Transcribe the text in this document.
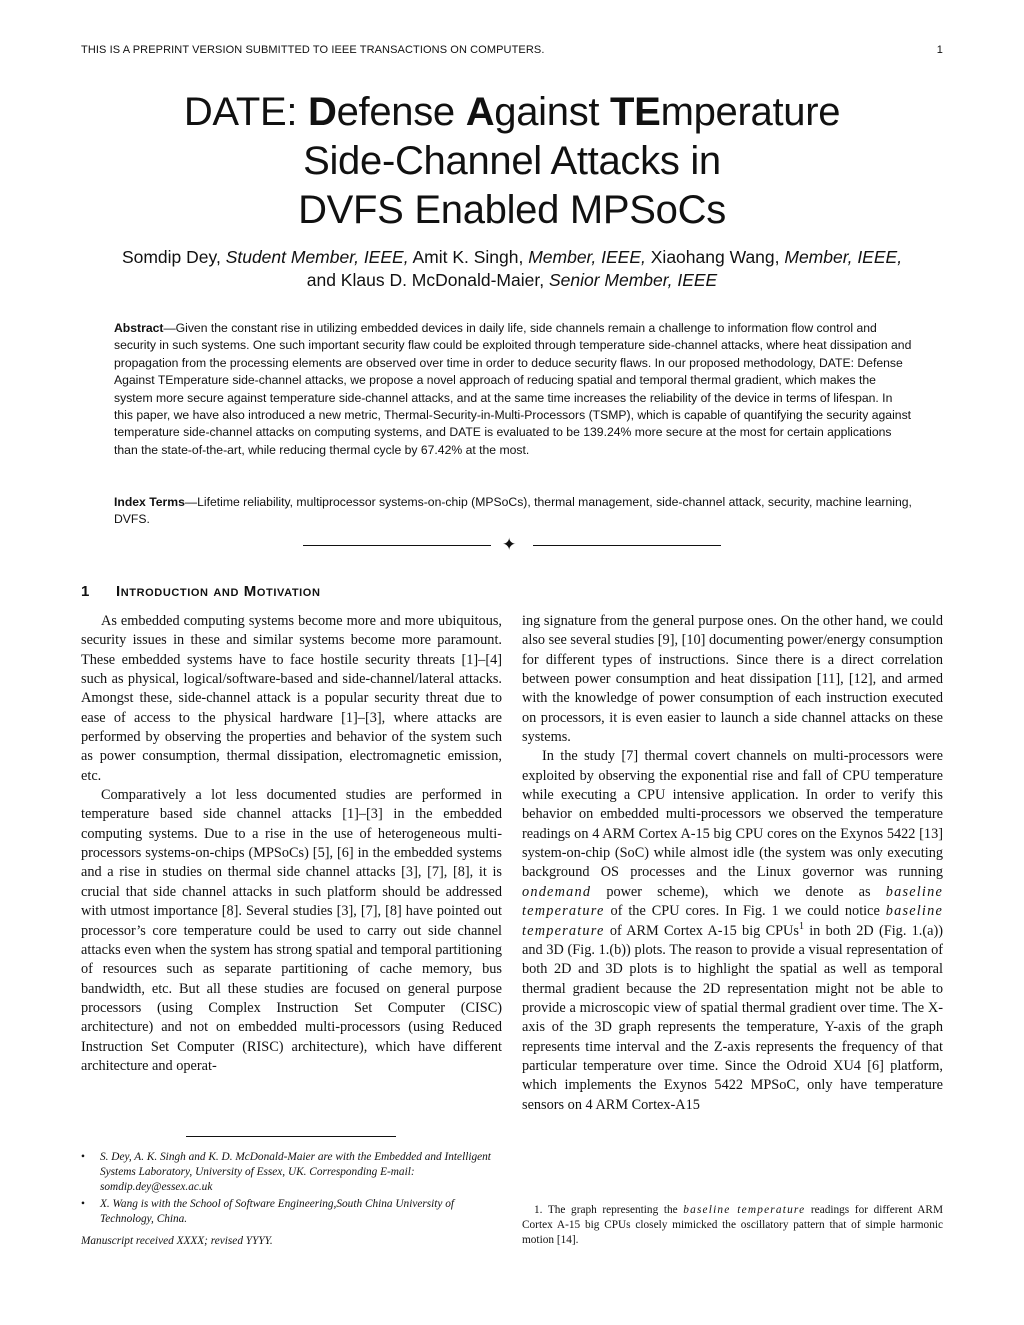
THIS IS A PREPRINT VERSION SUBMITTED TO IEEE TRANSACTIONS ON COMPUTERS.	1
DATE: Defense Against TEmperature
Side-Channel Attacks in
DVFS Enabled MPSoCs
Somdip Dey, Student Member, IEEE, Amit K. Singh, Member, IEEE, Xiaohang Wang, Member, IEEE,
and Klaus D. McDonald-Maier, Senior Member, IEEE
Abstract—Given the constant rise in utilizing embedded devices in daily life, side channels remain a challenge to information flow control and security in such systems. One such important security flaw could be exploited through temperature side-channel attacks, where heat dissipation and propagation from the processing elements are observed over time in order to deduce security flaws. In our proposed methodology, DATE: Defense Against TEmperature side-channel attacks, we propose a novel approach of reducing spatial and temporal thermal gradient, which makes the system more secure against temperature side-channel attacks, and at the same time increases the reliability of the device in terms of lifespan. In this paper, we have also introduced a new metric, Thermal-Security-in-Multi-Processors (TSMP), which is capable of quantifying the security against temperature side-channel attacks on computing systems, and DATE is evaluated to be 139.24% more secure at the most for certain applications than the state-of-the-art, while reducing thermal cycle by 67.42% at the most.
Index Terms—Lifetime reliability, multiprocessor systems-on-chip (MPSoCs), thermal management, side-channel attack, security, machine learning, DVFS.
✦
1 Introduction and Motivation

As embedded computing systems become more and more ubiquitous, security issues in these and similar systems become more paramount. These embedded systems have to face hostile security threats [1]–[4] such as physical, logical/software-based and side-channel/lateral attacks. Amongst these, side-channel attack is a popular security threat due to ease of access to the physical hardware [1]–[3], where attacks are performed by observing the properties and behavior of the system such as power consumption, thermal dissipation, electromagnetic emission, etc.

Comparatively a lot less documented studies are performed in temperature based side channel attacks [1]–[3] in the embedded computing systems. Due to a rise in the use of heterogeneous multi-processors systems-on-chips (MPSoCs) [5], [6] in the embedded systems and a rise in studies on thermal side channel attacks [3], [7], [8], it is crucial that side channel attacks in such platform should be addressed with utmost importance [8]. Several studies [3], [7], [8] have pointed out processor’s core temperature could be used to carry out side channel attacks even when the system has strong spatial and temporal partitioning of resources such as separate partitioning of cache memory, bus bandwidth, etc. But all these studies are focused on general purpose processors (using Complex Instruction Set Computer (CISC) architecture) and not on embedded multi-processors (using Reduced Instruction Set Computer (RISC) architecture), which have different architecture and operat-

ing signature from the general purpose ones. On the other hand, we could also see several studies [9], [10] documenting power/energy consumption for different types of instructions. Since there is a direct correlation between power consumption and heat dissipation [11], [12], and armed with the knowledge of power consumption of each instruction executed on processors, it is even easier to launch a side channel attacks on these systems.

In the study [7] thermal covert channels on multi-processors were exploited by observing the exponential rise and fall of CPU temperature while executing a CPU intensive application. In order to verify this behavior on embedded multi-processors we observed the temperature readings on 4 ARM Cortex A-15 big CPU cores on the Exynos 5422 [13] system-on-chip (SoC) while almost idle (the system was only executing background OS processes and the Linux governor was running ondemand power scheme), which we denote as baseline temperature of the CPU cores. In Fig. 1 we could notice baseline temperature of ARM Cortex A-15 big CPUs$^1$ in both 2D (Fig. 1.(a)) and 3D (Fig. 1.(b)) plots. The reason to provide a visual representation of both 2D and 3D plots is to highlight the spatial as well as temporal thermal gradient because the 2D representation might not be able to provide a microscopic view of spatial thermal gradient over time. The X-axis of the 3D graph represents the temperature, Y-axis of the graph represents time interval and the Z-axis represents the frequency of that particular temperature over time. Since the Odroid XU4 [6] platform, which implements the Exynos 5422 MPSoC, only have temperature sensors on 4 ARM Cortex-A15

• S. Dey, A. K. Singh and K. D. McDonald-Maier are with the Embedded and Intelligent Systems Laboratory, University of Essex, UK. Corresponding E-mail: somdip.dey@essex.ac.uk
• X. Wang is with the School of Software Engineering,South China University of Technology, China.
Manuscript received XXXX; revised YYYY.
1. The graph representing the baseline temperature readings for different ARM Cortex A-15 big CPUs closely mimicked the oscillatory pattern that of simple harmonic motion [14].
